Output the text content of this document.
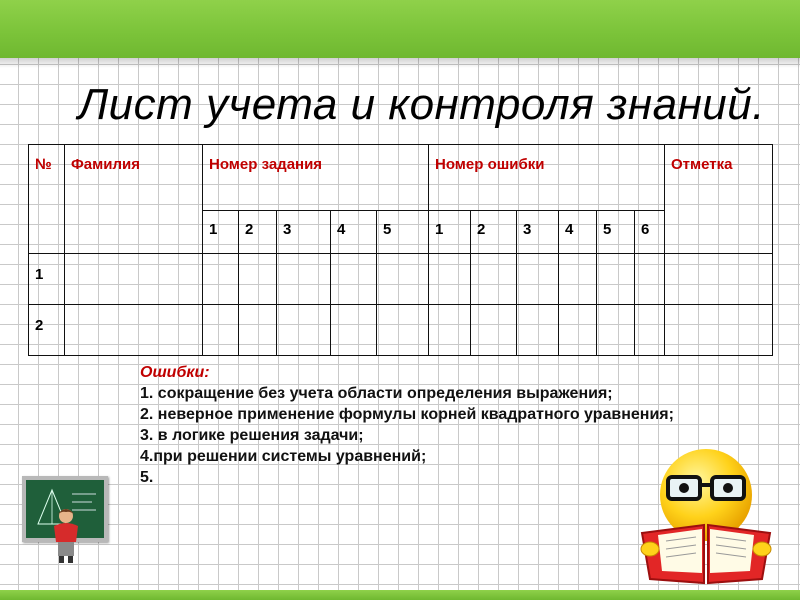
Лист учета и контроля знаний.
№	Фамилия	Номер задания					Номер ошибки						Отметка
		1	2	3	4	5	1	2	3	4	5	6	
1													
2													
Ошибки:
1. сокращение без учета области определения выражения;
2. неверное применение формулы корней квадратного уравнения;
3. в логике решения задачи;
4.при решении системы уравнений;
5.
